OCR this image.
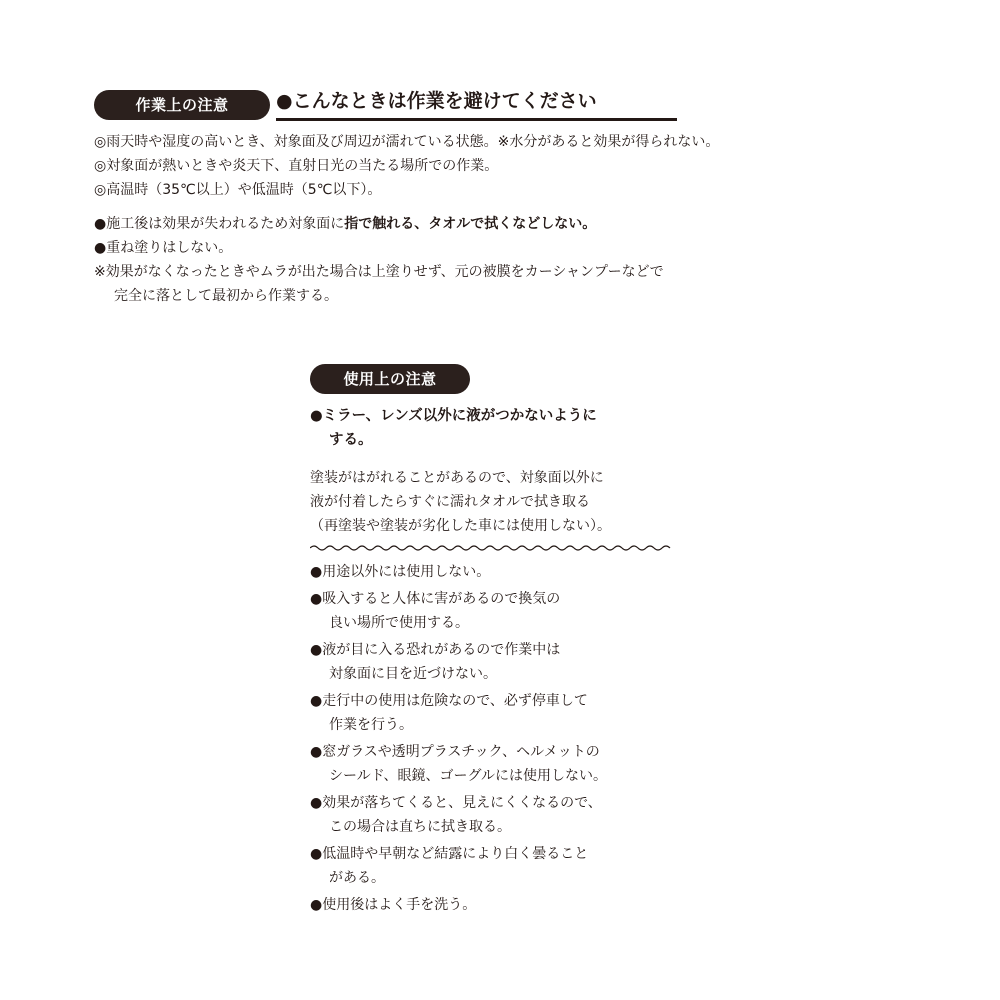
作業上の注意	●こんなときは作業を避けてください
◎雨天時や湿度の高いとき、対象面及び周辺が濡れている状態。※水分があると効果が得られない。
◎対象面が熱いときや炎天下、直射日光の当たる場所での作業。
◎高温時（35℃以上）や低温時（5℃以下）。
●施工後は効果が失われるため対象面に指で触れる、タオルで拭くなどしない。
●重ね塗りはしない。
※効果がなくなったときやムラが出た場合は上塗りせず、元の被膜をカーシャンプーなどで
完全に落として最初から作業する。
使用上の注意
●ミラー、レンズ以外に液がつかないように
する。
塗装がはがれることがあるので、対象面以外に
液が付着したらすぐに濡れタオルで拭き取る
（再塗装や塗装が劣化した車には使用しない）。
●用途以外には使用しない。
●吸入すると人体に害があるので換気の
良い場所で使用する。
●液が目に入る恐れがあるので作業中は
対象面に目を近づけない。
●走行中の使用は危険なので、必ず停車して
作業を行う。
●窓ガラスや透明プラスチック、ヘルメットの
シールド、眼鏡、ゴーグルには使用しない。
●効果が落ちてくると、見えにくくなるので、
この場合は直ちに拭き取る。
●低温時や早朝など結露により白く曇ること
がある。
●使用後はよく手を洗う。
